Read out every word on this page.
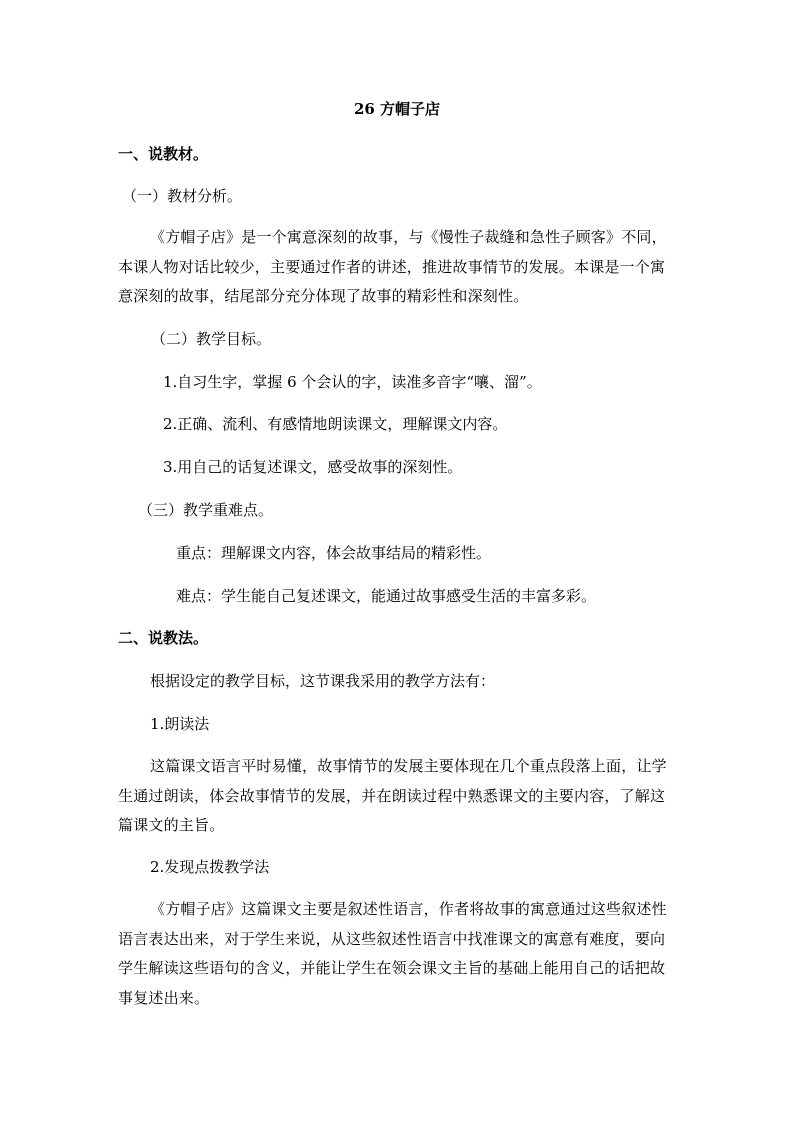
26 方帽子店
一、说教材。
（一）教材分析。
《方帽子店》是一个寓意深刻的故事，与《慢性子裁缝和急性子顾客》不同，本课人物对话比较少，主要通过作者的讲述，推进故事情节的发展。本课是一个寓意深刻的故事，结尾部分充分体现了故事的精彩性和深刻性。
（二）教学目标。
1.自习生字，掌握 6 个会认的字，读准多音字“嚷、溜”。
2.正确、流利、有感情地朗读课文，理解课文内容。
3.用自己的话复述课文，感受故事的深刻性。
（三）教学重难点。
重点：理解课文内容，体会故事结局的精彩性。
难点：学生能自己复述课文，能通过故事感受生活的丰富多彩。
二、说教法。
根据设定的教学目标，这节课我采用的教学方法有：
1.朗读法
这篇课文语言平时易懂，故事情节的发展主要体现在几个重点段落上面，让学生通过朗读，体会故事情节的发展，并在朗读过程中熟悉课文的主要内容，了解这篇课文的主旨。
2.发现点拨教学法
《方帽子店》这篇课文主要是叙述性语言，作者将故事的寓意通过这些叙述性语言表达出来，对于学生来说，从这些叙述性语言中找准课文的寓意有难度，要向学生解读这些语句的含义，并能让学生在领会课文主旨的基础上能用自己的话把故事复述出来。
